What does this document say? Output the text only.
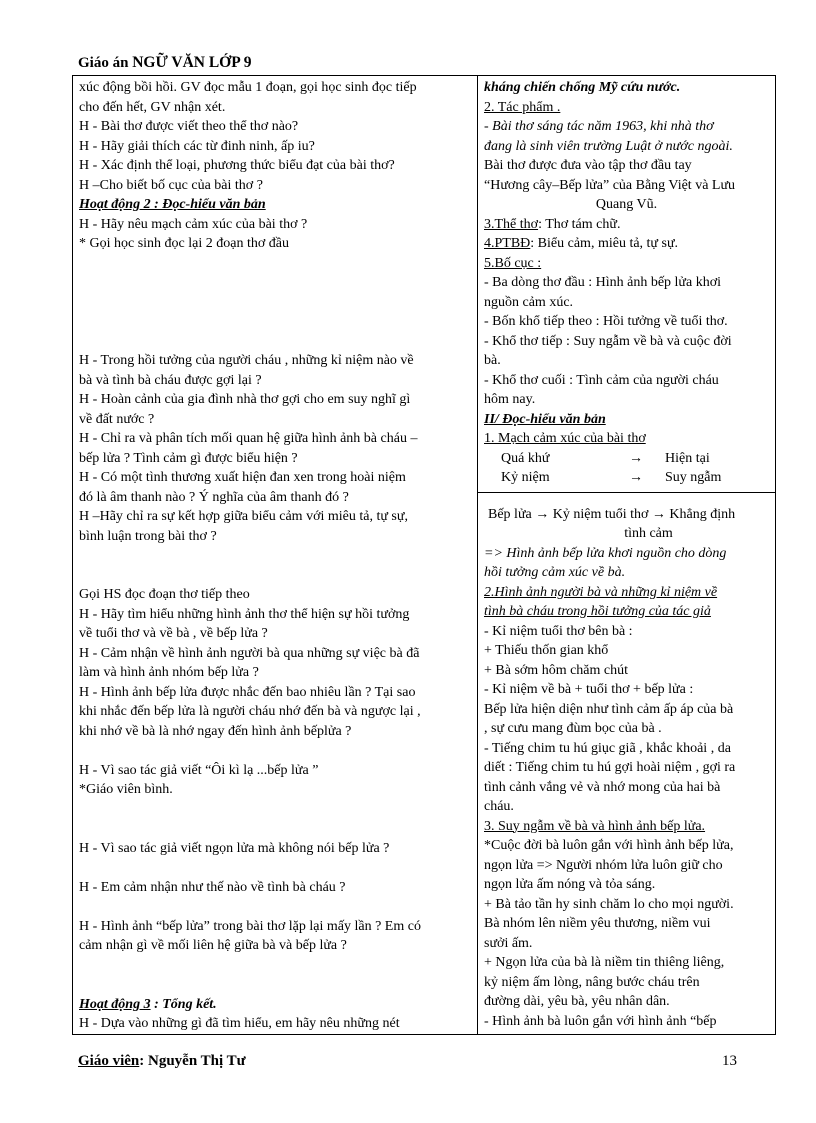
Giáo án NGỮ VĂN LỚP 9
xúc động bồi hồi. GV đọc mẫu 1 đoạn, gọi học sinh đọc tiếp
cho đến hết, GV nhận xét.
H - Bài thơ được viết theo thể thơ nào?
H - Hãy giải thích các từ đinh ninh, ấp iu?
H - Xác định thể loại, phương thức biểu đạt của bài thơ?
H –Cho biết bố cục của bài thơ ?
Hoạt động 2 : Đọc-hiểu văn bản
H - Hãy nêu mạch cảm xúc của bài thơ ?
* Gọi học sinh đọc lại 2 đoạn thơ đầu
H - Trong hồi tưởng của người cháu , những kỉ niệm nào về
bà và tình bà cháu được gợi lại ?
H - Hoàn cảnh của gia đình nhà thơ gợi cho em suy nghĩ gì
về đất nước ?
H - Chỉ ra và phân tích mối quan hệ giữa hình ảnh bà cháu –
bếp lửa ? Tình cảm gì được biểu hiện ?
H - Có một tình thương xuất hiện đan xen trong hoài niệm
đó là âm thanh nào ? Ý nghĩa của âm thanh đó ?
H –Hãy chỉ ra sự kết hợp giữa biểu cảm với miêu tả, tự sự,
bình luận trong bài thơ ?
Gọi HS đọc đoạn thơ tiếp theo
H - Hãy tìm hiểu những hình ảnh thơ thể hiện sự hồi tưởng
về tuổi thơ và về bà , về bếp lửa ?
H - Cảm nhận về hình ảnh người bà qua những sự việc bà đã
làm và hình ảnh nhóm bếp lửa ?
H - Hình ảnh bếp lửa được nhắc đến bao nhiêu lần ? Tại sao
khi nhắc đến bếp lửa là người cháu nhớ đến bà và ngược lại ,
khi nhớ về bà là nhớ ngay đến hình ảnh bếplửa ?
H - Vì sao tác giả viết “Ôi kì lạ ...bếp lửa ”
*Giáo viên bình.
H - Vì sao tác giả viết ngọn lửa mà không nói bếp lửa ?
H - Em cảm nhận như thế nào về tình bà cháu ?
H - Hình ảnh “bếp lửa” trong bài thơ lặp lại mấy lần ? Em có
cảm nhận gì về mối liên hệ giữa bà và bếp lửa ?
Hoạt động 3 : Tổng kết.
H - Dựa vào những gì đã tìm hiểu, em hãy nêu những nét

kháng chiến chống Mỹ cứu nước.
2. Tác phẩm .
- Bài thơ sáng tác năm 1963, khi nhà thơ
đang là sinh viên trường Luật ở nước ngoài.
Bài thơ được đưa vào tập thơ đầu tay
“Hương cây–Bếp lửa” của Bằng Việt và Lưu
Quang Vũ.
3.Thể thơ: Thơ tám chữ.
4.PTBĐ: Biểu cảm, miêu tả, tự sự.
5.Bố cục :
- Ba dòng thơ đầu : Hình ảnh bếp lửa khơi
nguồn cảm xúc.
- Bốn khổ tiếp theo : Hồi tưởng về tuổi thơ.
- Khổ thơ tiếp : Suy ngẫm về bà và cuộc đời
bà.
- Khổ thơ cuối : Tình cảm của người cháu
hôm nay.
II/ Đọc-hiểu văn bản
1. Mạch cảm xúc của bài thơ
Quá khứ	→	Hiện tại
Kỷ niệm	→	Suy ngẫm
Bếp lửa → Kỷ niệm tuổi thơ → Khẳng định
tình cảm
=> Hình ảnh bếp lửa khơi nguồn cho dòng
hồi tưởng cảm xúc về bà.
2.Hình ảnh người bà và những kỉ niệm về
tình bà cháu trong hồi tưởng của tác giả
- Kỉ niệm tuổi thơ bên bà :
+ Thiếu thốn gian khổ
+ Bà sớm hôm chăm chút
- Kỉ niệm về bà + tuổi thơ + bếp lửa :
Bếp lửa hiện diện như tình cảm ấp áp của bà
, sự cưu mang đùm bọc của bà .
- Tiếng chim tu hú giục giã , khắc khoải , da
diết : Tiếng chim tu hú gợi hoài niệm , gợi ra
tình cảnh vắng vẻ và nhớ mong của hai bà
cháu.
3. Suy ngẫm về bà và hình ảnh bếp lửa.
*Cuộc đời bà luôn gắn với hình ảnh bếp lửa,
ngọn lửa => Người nhóm lửa luôn giữ cho
ngọn lửa ấm nóng và tỏa sáng.
+ Bà tảo tần hy sinh chăm lo cho mọi người.
Bà nhóm lên niềm yêu thương, niềm vui
sưởi ấm.
+ Ngọn lửa của bà là niềm tin thiêng liêng,
kỷ niệm ấm lòng, nâng bước cháu trên
đường dài, yêu bà, yêu nhân dân.
- Hình ảnh bà luôn gắn với hình ảnh “bếp
Giáo viên: Nguyễn Thị Tư	13
